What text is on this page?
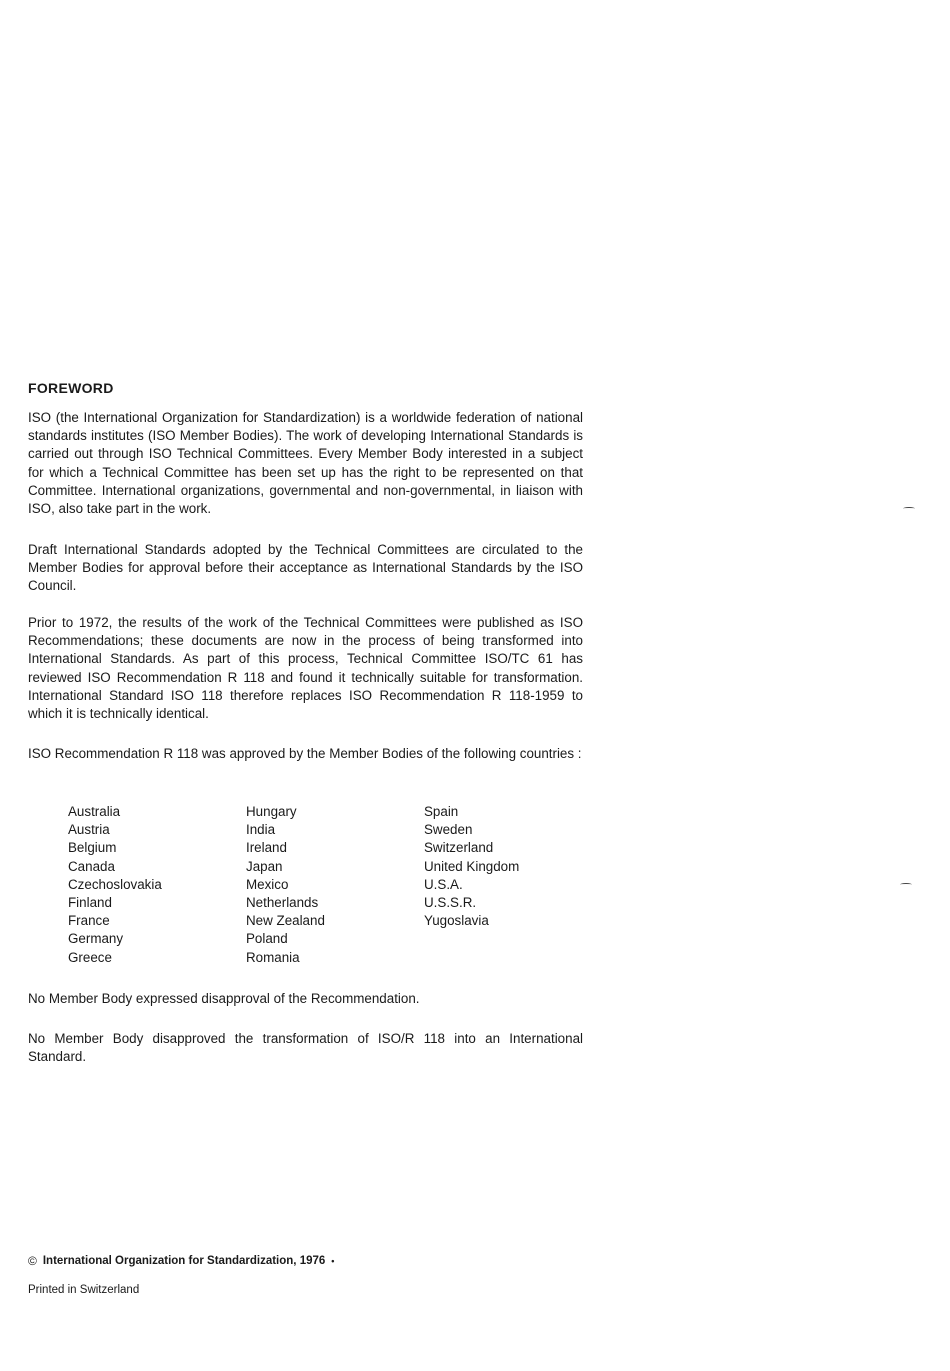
FOREWORD

ISO (the International Organization for Standardization) is a worldwide federation of national standards institutes (ISO Member Bodies). The work of developing International Standards is carried out through ISO Technical Committees. Every Member Body interested in a subject for which a Technical Committee has been set up has the right to be represented on that Committee. International organizations, governmental and non-governmental, in liaison with ISO, also take part in the work.

Draft International Standards adopted by the Technical Committees are circulated to the Member Bodies for approval before their acceptance as International Standards by the ISO Council.

Prior to 1972, the results of the work of the Technical Committees were published as ISO Recommendations; these documents are now in the process of being transformed into International Standards. As part of this process, Technical Committee ISO/TC 61 has reviewed ISO Recommendation R 118 and found it technically suitable for transformation. International Standard ISO 118 therefore replaces ISO Recommendation R 118-1959 to which it is technically identical.

ISO Recommendation R 118 was approved by the Member Bodies of the following countries :

Australia
Austria
Belgium
Canada
Czechoslovakia
Finland
France
Germany
Greece
Hungary
India
Ireland
Japan
Mexico
Netherlands
New Zealand
Poland
Romania
Spain
Sweden
Switzerland
United Kingdom
U.S.A.
U.S.S.R.
Yugoslavia

No Member Body expressed disapproval of the Recommendation.

No Member Body disapproved the transformation of ISO/R 118 into an International Standard.

© International Organization for Standardization, 1976 •

Printed in Switzerland
